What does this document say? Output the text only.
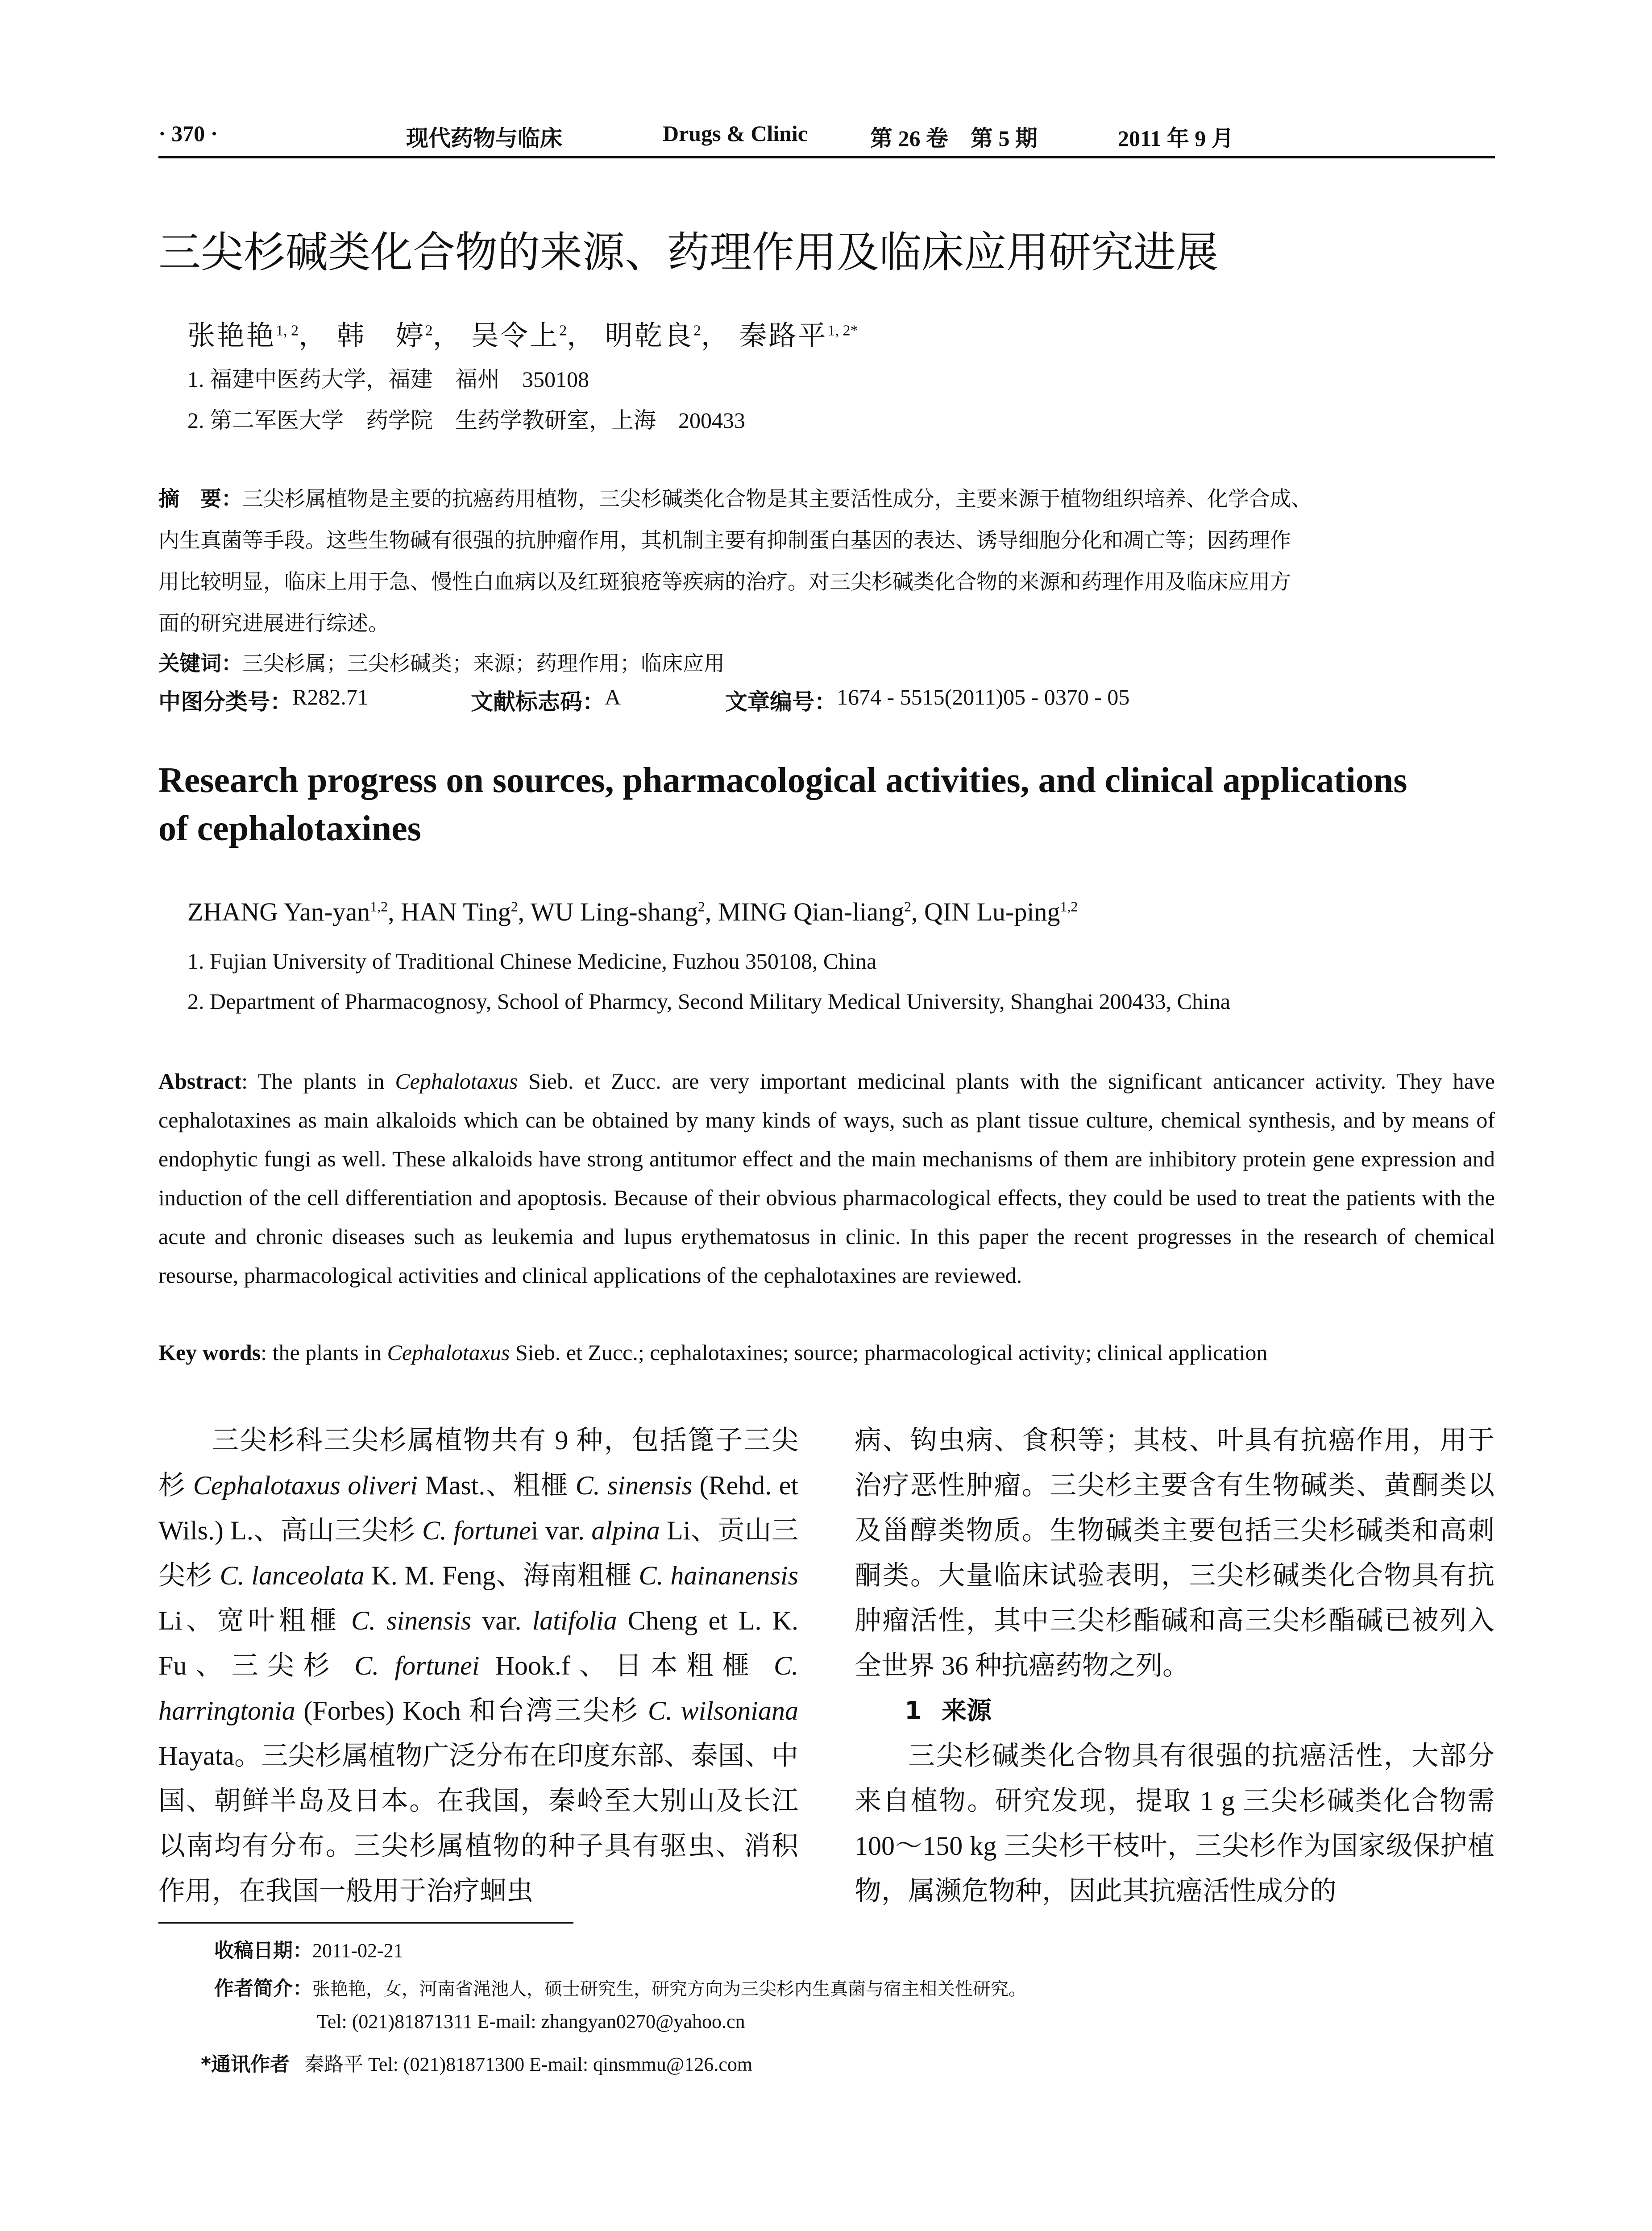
· 370 ·	现代药物与临床	Drugs & Clinic	第 26 卷　第 5 期	2011 年 9 月
三尖杉碱类化合物的来源、药理作用及临床应用研究进展
张艳艳$^{1, 2}$， 韩　婷$^2$， 吴令上$^2$， 明乾良$^2$， 秦路平$^{1, 2*}$
1. 福建中医药大学，福建　福州　350108
2. 第二军医大学　药学院　生药学教研室，上海　200433
摘　要：三尖杉属植物是主要的抗癌药用植物，三尖杉碱类化合物是其主要活性成分，主要来源于植物组织培养、化学合成、
内生真菌等手段。这些生物碱有很强的抗肿瘤作用，其机制主要有抑制蛋白基因的表达、诱导细胞分化和凋亡等；因药理作
用比较明显，临床上用于急、慢性白血病以及红斑狼疮等疾病的治疗。对三尖杉碱类化合物的来源和药理作用及临床应用方
面的研究进展进行综述。
关键词：三尖杉属；三尖杉碱类；来源；药理作用；临床应用
中图分类号： R282.71	文献标志码： A	文章编号： 1674 - 5515(2011)05 - 0370 - 05
Research progress on sources, pharmacological activities, and clinical applications
of cephalotaxines
ZHANG Yan-yan$^{1,2}$, HAN Ting$^2$, WU Ling-shang$^2$, MING Qian-liang$^2$, QIN Lu-ping$^{1,2}$
1. Fujian University of Traditional Chinese Medicine, Fuzhou 350108, China
2. Department of Pharmacognosy, School of Pharmcy, Second Military Medical University, Shanghai 200433, China
Abstract: The plants in Cephalotaxus Sieb. et Zucc. are very important medicinal plants with the significant anticancer activity. They have cephalotaxines as main alkaloids which can be obtained by many kinds of ways, such as plant tissue culture, chemical synthesis, and by means of endophytic fungi as well. These alkaloids have strong antitumor effect and the main mechanisms of them are inhibitory protein gene expression and induction of the cell differentiation and apoptosis. Because of their obvious pharmacological effects, they could be used to treat the patients with the acute and chronic diseases such as leukemia and lupus erythematosus in clinic. In this paper the recent progresses in the research of chemical resourse, pharmacological activities and clinical applications of the cephalotaxines are reviewed.
Key words: the plants in Cephalotaxus Sieb. et Zucc.; cephalotaxines; source; pharmacological activity; clinical application

三尖杉科三尖杉属植物共有 9 种，包括篦子三尖杉 Cephalotaxus oliveri Mast.、粗榧 C. sinensis (Rehd. et Wils.) L.、高山三尖杉 C. fortunei var. alpina Li、贡山三尖杉 C. lanceolata K. M. Feng、海南粗榧 C. hainanensis Li、宽叶粗榧 C. sinensis var. latifolia Cheng et L. K. Fu、三尖杉 C. fortunei Hook.f、日本粗榧 C. harringtonia (Forbes) Koch 和台湾三尖杉 C. wilsoniana Hayata。三尖杉属植物广泛分布在印度东部、泰国、中国、朝鲜半岛及日本。在我国，秦岭至大别山及长江以南均有分布。三尖杉属植物的种子具有驱虫、消积作用，在我国一般用于治疗蛔虫

病、钩虫病、食积等；其枝、叶具有抗癌作用，用于治疗恶性肿瘤。三尖杉主要含有生物碱类、黄酮类以及甾醇类物质。生物碱类主要包括三尖杉碱类和高刺酮类。大量临床试验表明，三尖杉碱类化合物具有抗肿瘤活性，其中三尖杉酯碱和高三尖杉酯碱已被列入全世界 36 种抗癌药物之列。

1 来源

三尖杉碱类化合物具有很强的抗癌活性，大部分来自植物。研究发现，提取 1 g 三尖杉碱类化合物需 100～150 kg 三尖杉干枝叶，三尖杉作为国家级保护植物，属濒危物种，因此其抗癌活性成分的

收稿日期：2011-02-21
作者简介：张艳艳，女，河南省渑池人，硕士研究生，研究方向为三尖杉内生真菌与宿主相关性研究。
Tel: (021)81871311 E-mail: zhangyan0270@yahoo.cn
*通讯作者 秦路平 Tel: (021)81871300 E-mail: qinsmmu@126.com
